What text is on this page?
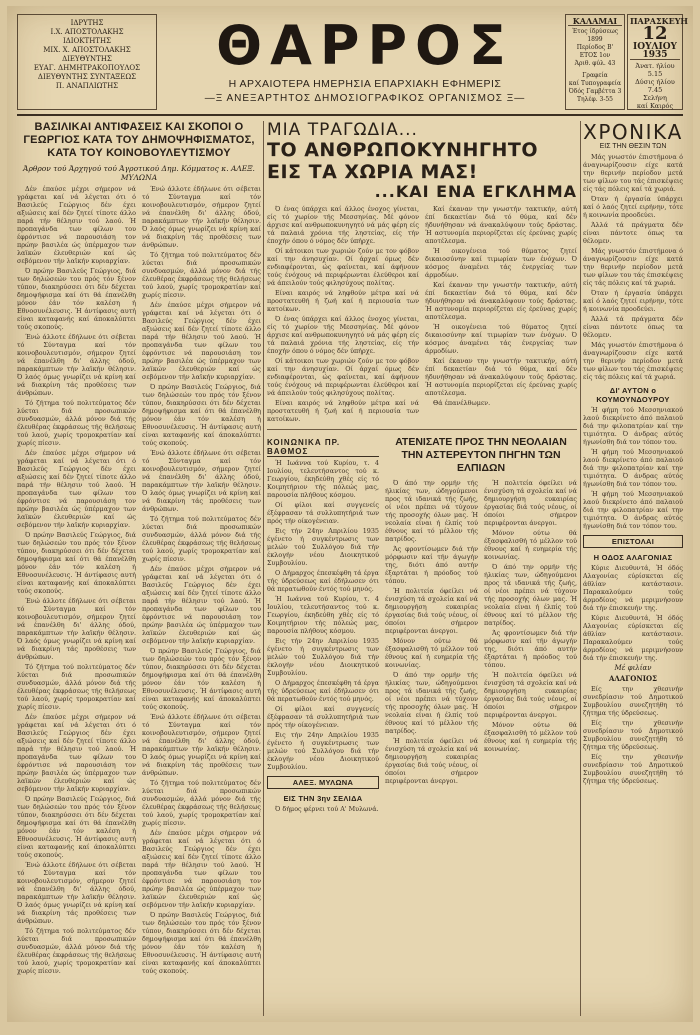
ΙΔΡΥΤΗΣ
Ι.Χ. ΑΠΟΣΤΟΛΑΚΗΣ
ΙΔΙΟΚΤΗΤΗΣ
ΜΙΧ. Χ. ΑΠΟΣΤΟΛΑΚΗΣ
ΔΙΕΥΘΥΝΤΗΣ
ΕΥΑΓ. ΔΗΜΗΤΡΑΚΟΠΟΥΛΟΣ
ΔΙΕΥΘΥΝΤΗΣ ΣΥΝΤΑΞΕΩΣ
Π. ΑΝΑΠΛΙΩΤΗΣ
ΘΑΡΡΟΣ
Η ΑΡΧΑΙΟΤΕΡΑ ΗΜΕΡΗΣΙΑ ΕΠΑΡΧΙΑΚΗ ΕΦΗΜΕΡΙΣ
—Ξ ΑΝΕΞΑΡΤΗΤΟΣ ΔΗΜΟΣΙΟΓΡΑΦΙΚΟΣ ΟΡΓΑΝΙΣΜΟΣ Ξ—
ΚΑΛΑΜΑΙ
Έτος ίδρύσεως 1899
Περίοδος Β'
ΕΤΟΣ 1ον
Άριθ. φύλ. 43
Γραφεία
καί Τυπογραφεία
Όδός Γαμβέττα 3
Τηλέφ. 3-55
ΠΑΡΑΣΚΕΥΗ
12
ΙΟΥΛΙΟΥ
1935
Άνατ. ήλίου 5.15
Δύσις ήλίου 7.45
Σελήνη
καί Καιρός
ΒΑΣΙΛΙΚΑΙ ΑΝΤΙΦΑΣΕΙΣ ΚΑΙ ΣΚΟΠΟΙ Ο ΓΕΩΡΓΙΟΣ ΚΑΤΑ ΤΟΥ ΔΗΜΟΨΗΦΙΣΜΑΤΟΣ, ΚΑΤΑ ΤΟΥ ΚΟΙΝΟΒΟΥΛΕΥΤΙΣΜΟΥ
Άρθρον τού Άρχηγού τού Άγροτικού Δημ. Κόμματος κ. ΑΛΕΞ. ΜΥΛΩΝΑ

Δέν έπαύσε μέχρι σήμερον νά γράφεται καί νά λέγεται ότι ό Βασιλεύς Γεώργιος δέν έχει αξιώσεις καί δέν ζητεί τίποτε άλλο παρά τήν θέλησιν τού λαού. Ή προπαγάνδα των φίλων του έφρόντισε νά παρουσιάση τον πρώην βασιλέα ώς ύπέρμαχον των λαϊκών έλευθεριών καί ώς σεβόμενον τήν λαϊκήν κυριαρχίαν.

Ό πρώην Βασιλεύς Γεώργιος, διά των δηλώσεών του πρός τόν ξένον τύπον, διακηρύσσει ότι δέν δέχεται δημοψήφισμα καί ότι θά έπανέλθη μόνον έάν τόν καλέση ή Εθνοσυνέλευσις. Ή άντίφασις αυτή είναι καταφανής καί άποκαλύπτει τούς σκοπούς.

Ένώ άλλοτε έδήλωνε ότι σέβεται τό Σύνταγμα καί τόν κοινοβουλευτισμόν, σήμερον ζητεί νά έπανέλθη δι' άλλης όδού, παρακάμπτων τήν λαϊκήν θέλησιν. Ό λαός όμως γνωρίζει νά κρίνη καί νά διακρίνη τάς προθέσεις των άνθρώπων.

Τό ζήτημα τού πολιτεύματος δέν λύεται διά προσωπικών συνδυασμών, άλλά μόνον διά τής έλευθέρας έκφράσεως τής θελήσεως τού λαού, χωρίς τρομοκρατίαν καί χωρίς πίεσιν.

Δέν έπαύσε μέχρι σήμερον νά γράφεται καί νά λέγεται ότι ό Βασιλεύς Γεώργιος δέν έχει αξιώσεις καί δέν ζητεί τίποτε άλλο παρά τήν θέλησιν τού λαού. Ή προπαγάνδα των φίλων του έφρόντισε νά παρουσιάση τον πρώην βασιλέα ώς ύπέρμαχον των λαϊκών έλευθεριών καί ώς σεβόμενον τήν λαϊκήν κυριαρχίαν.

Ό πρώην Βασιλεύς Γεώργιος, διά των δηλώσεών του πρός τόν ξένον τύπον, διακηρύσσει ότι δέν δέχεται δημοψήφισμα καί ότι θά έπανέλθη μόνον έάν τόν καλέση ή Εθνοσυνέλευσις. Ή άντίφασις αυτή είναι καταφανής καί άποκαλύπτει τούς σκοπούς.

Ένώ άλλοτε έδήλωνε ότι σέβεται τό Σύνταγμα καί τόν κοινοβουλευτισμόν, σήμερον ζητεί νά έπανέλθη δι' άλλης όδού, παρακάμπτων τήν λαϊκήν θέλησιν. Ό λαός όμως γνωρίζει νά κρίνη καί νά διακρίνη τάς προθέσεις των άνθρώπων.

Τό ζήτημα τού πολιτεύματος δέν λύεται διά προσωπικών συνδυασμών, άλλά μόνον διά τής έλευθέρας έκφράσεως τής θελήσεως τού λαού, χωρίς τρομοκρατίαν καί χωρίς πίεσιν.

Δέν έπαύσε μέχρι σήμερον νά γράφεται καί νά λέγεται ότι ό Βασιλεύς Γεώργιος δέν έχει αξιώσεις καί δέν ζητεί τίποτε άλλο παρά τήν θέλησιν τού λαού. Ή προπαγάνδα των φίλων του έφρόντισε νά παρουσιάση τον πρώην βασιλέα ώς ύπέρμαχον των λαϊκών έλευθεριών καί ώς σεβόμενον τήν λαϊκήν κυριαρχίαν.

Ό πρώην Βασιλεύς Γεώργιος, διά των δηλώσεών του πρός τόν ξένον τύπον, διακηρύσσει ότι δέν δέχεται δημοψήφισμα καί ότι θά έπανέλθη μόνον έάν τόν καλέση ή Εθνοσυνέλευσις. Ή άντίφασις αυτή είναι καταφανής καί άποκαλύπτει τούς σκοπούς.

Ένώ άλλοτε έδήλωνε ότι σέβεται τό Σύνταγμα καί τόν κοινοβουλευτισμόν, σήμερον ζητεί νά έπανέλθη δι' άλλης όδού, παρακάμπτων τήν λαϊκήν θέλησιν. Ό λαός όμως γνωρίζει νά κρίνη καί νά διακρίνη τάς προθέσεις των άνθρώπων.

Τό ζήτημα τού πολιτεύματος δέν λύεται διά προσωπικών συνδυασμών, άλλά μόνον διά τής έλευθέρας έκφράσεως τής θελήσεως τού λαού, χωρίς τρομοκρατίαν καί χωρίς πίεσιν.

Ένώ άλλοτε έδήλωνε ότι σέβεται τό Σύνταγμα καί τόν κοινοβουλευτισμόν, σήμερον ζητεί νά έπανέλθη δι' άλλης όδού, παρακάμπτων τήν λαϊκήν θέλησιν. Ό λαός όμως γνωρίζει νά κρίνη καί νά διακρίνη τάς προθέσεις των άνθρώπων.

Τό ζήτημα τού πολιτεύματος δέν λύεται διά προσωπικών συνδυασμών, άλλά μόνον διά τής έλευθέρας έκφράσεως τής θελήσεως τού λαού, χωρίς τρομοκρατίαν καί χωρίς πίεσιν.

Δέν έπαύσε μέχρι σήμερον νά γράφεται καί νά λέγεται ότι ό Βασιλεύς Γεώργιος δέν έχει αξιώσεις καί δέν ζητεί τίποτε άλλο παρά τήν θέλησιν τού λαού. Ή προπαγάνδα των φίλων του έφρόντισε νά παρουσιάση τον πρώην βασιλέα ώς ύπέρμαχον των λαϊκών έλευθεριών καί ώς σεβόμενον τήν λαϊκήν κυριαρχίαν.

Ό πρώην Βασιλεύς Γεώργιος, διά των δηλώσεών του πρός τόν ξένον τύπον, διακηρύσσει ότι δέν δέχεται δημοψήφισμα καί ότι θά έπανέλθη μόνον έάν τόν καλέση ή Εθνοσυνέλευσις. Ή άντίφασις αυτή είναι καταφανής καί άποκαλύπτει τούς σκοπούς.

Ένώ άλλοτε έδήλωνε ότι σέβεται τό Σύνταγμα καί τόν κοινοβουλευτισμόν, σήμερον ζητεί νά έπανέλθη δι' άλλης όδού, παρακάμπτων τήν λαϊκήν θέλησιν. Ό λαός όμως γνωρίζει νά κρίνη καί νά διακρίνη τάς προθέσεις των άνθρώπων.

Τό ζήτημα τού πολιτεύματος δέν λύεται διά προσωπικών συνδυασμών, άλλά μόνον διά τής έλευθέρας έκφράσεως τής θελήσεως τού λαού, χωρίς τρομοκρατίαν καί χωρίς πίεσιν.

Δέν έπαύσε μέχρι σήμερον νά γράφεται καί νά λέγεται ότι ό Βασιλεύς Γεώργιος δέν έχει αξιώσεις καί δέν ζητεί τίποτε άλλο παρά τήν θέλησιν τού λαού. Ή προπαγάνδα των φίλων του έφρόντισε νά παρουσιάση τον πρώην βασιλέα ώς ύπέρμαχον των λαϊκών έλευθεριών καί ώς σεβόμενον τήν λαϊκήν κυριαρχίαν.

Ό πρώην Βασιλεύς Γεώργιος, διά των δηλώσεών του πρός τόν ξένον τύπον, διακηρύσσει ότι δέν δέχεται δημοψήφισμα καί ότι θά έπανέλθη μόνον έάν τόν καλέση ή Εθνοσυνέλευσις. Ή άντίφασις αυτή είναι καταφανής καί άποκαλύπτει τούς σκοπούς.

Ένώ άλλοτε έδήλωνε ότι σέβεται τό Σύνταγμα καί τόν κοινοβουλευτισμόν, σήμερον ζητεί νά έπανέλθη δι' άλλης όδού, παρακάμπτων τήν λαϊκήν θέλησιν. Ό λαός όμως γνωρίζει νά κρίνη καί νά διακρίνη τάς προθέσεις των άνθρώπων.

Τό ζήτημα τού πολιτεύματος δέν λύεται διά προσωπικών συνδυασμών, άλλά μόνον διά τής έλευθέρας έκφράσεως τής θελήσεως τού λαού, χωρίς τρομοκρατίαν καί χωρίς πίεσιν.

Δέν έπαύσε μέχρι σήμερον νά γράφεται καί νά λέγεται ότι ό Βασιλεύς Γεώργιος δέν έχει αξιώσεις καί δέν ζητεί τίποτε άλλο παρά τήν θέλησιν τού λαού. Ή προπαγάνδα των φίλων του έφρόντισε νά παρουσιάση τον πρώην βασιλέα ώς ύπέρμαχον των λαϊκών έλευθεριών καί ώς σεβόμενον τήν λαϊκήν κυριαρχίαν.

Ό πρώην Βασιλεύς Γεώργιος, διά των δηλώσεών του πρός τόν ξένον τύπον, διακηρύσσει ότι δέν δέχεται δημοψήφισμα καί ότι θά έπανέλθη μόνον έάν τόν καλέση ή Εθνοσυνέλευσις. Ή άντίφασις αυτή είναι καταφανής καί άποκαλύπτει τούς σκοπούς.

ΜΙΑ ΤΡΑΓΩΔΙΑ...
ΤΟ ΑΝΘΡΩΠΟΚΥΝΗΓΗΤΟ ΕΙΣ ΤΑ ΧΩΡΙΑ ΜΑΣ!
...ΚΑΙ ΕΝΑ ΕΓΚΛΗΜΑ

Ό ένας ύπάρχει καί άλλος ένοχος γίνεται, είς τό χωρίον τής Μεσσηνίας. Μέ φόνον άρχισε καί ανθρωποκυνηγητό νά μάς φέρη είς τά παλαιά χρόνια τής ληστείας, είς τήν έποχήν όπου ό νόμος δέν ύπήρχε.

Οί κάτοικοι των χωριών ζούν με τον φόβον καί την άνησυχίαν. Οί άρχαί όμως δέν ενδιαφέρονται, ώς φαίνεται, καί άφήνουν τούς ένόχους νά περιφέρωνται έλεύθεροι καί νά άπειλούν τούς φιλησύχους πολίτας.

Είναι καιρός νά ληφθούν μέτρα καί νά προστατευθή ή ζωή καί ή περιουσία των κατοίκων.

Ό ένας ύπάρχει καί άλλος ένοχος γίνεται, είς τό χωρίον τής Μεσσηνίας. Μέ φόνον άρχισε καί ανθρωποκυνηγητό νά μάς φέρη είς τά παλαιά χρόνια τής ληστείας, είς τήν έποχήν όπου ό νόμος δέν ύπήρχε.

Οί κάτοικοι των χωριών ζούν με τον φόβον καί την άνησυχίαν. Οί άρχαί όμως δέν ενδιαφέρονται, ώς φαίνεται, καί άφήνουν τούς ένόχους νά περιφέρωνται έλεύθεροι καί νά άπειλούν τούς φιλησύχους πολίτας.

Είναι καιρός νά ληφθούν μέτρα καί νά προστατευθή ή ζωή καί ή περιουσία των κατοίκων.

Καί έκαναν την γνωστήν τακτικήν, αύτή έπί δεκαετίαν διά τό θύμα, καί δέν ήδυνήθησαν νά άνακαλύψουν τούς δράστας. Ή αστυνομία περιορίζεται είς έρεύνας χωρίς αποτέλεσμα.

Ή οικογένεια τού θύματος ζητεί δικαιοσύνην καί τιμωρίαν των ένόχων. Ό κόσμος άναμένει τάς ένεργείας των άρμοδίων.

Καί έκαναν την γνωστήν τακτικήν, αύτή έπί δεκαετίαν διά τό θύμα, καί δέν ήδυνήθησαν νά άνακαλύψουν τούς δράστας. Ή αστυνομία περιορίζεται είς έρεύνας χωρίς αποτέλεσμα.

Ή οικογένεια τού θύματος ζητεί δικαιοσύνην καί τιμωρίαν των ένόχων. Ό κόσμος άναμένει τάς ένεργείας των άρμοδίων.

Καί έκαναν την γνωστήν τακτικήν, αύτή έπί δεκαετίαν διά τό θύμα, καί δέν ήδυνήθησαν νά άνακαλύψουν τούς δράστας. Ή αστυνομία περιορίζεται είς έρεύνας χωρίς αποτέλεσμα.

Θά έπανέλθωμεν.

ΚΟΙΝΩΝΙΚΑ ΠΡ. ΒΑΘΜΟΣ

Ή Ιωάννα τού Κυρίου, τ. 4 Ιουλίου, τελευτήσαντος τού κ. Γεωργίου, έκηδεύθη χθές είς τό Κοιμητήριον τής πόλεώς μας, παρουσία πλήθους κόσμου.

Οί φίλοι καί συγγενείς έξέφρασαν τά συλλυπητήριά των πρός τήν οίκογένειαν.

Εις τήν 24ην Απριλίου 1935 έγένετο ή συγκέντρωσις των μελών τού Συλλόγου διά τήν έκλογήν νέου Διοικητικού Συμβουλίου.

Ο Δήμαρχος έπεσκέφθη τά έργα τής ύδρεύσεως καί έδήλωσεν ότι θά περατωθούν έντός τού μηνός.

Ή Ιωάννα τού Κυρίου, τ. 4 Ιουλίου, τελευτήσαντος τού κ. Γεωργίου, έκηδεύθη χθές είς τό Κοιμητήριον τής πόλεώς μας, παρουσία πλήθους κόσμου.

Εις τήν 24ην Απριλίου 1935 έγένετο ή συγκέντρωσις των μελών τού Συλλόγου διά τήν έκλογήν νέου Διοικητικού Συμβουλίου.

Ο Δήμαρχος έπεσκέφθη τά έργα τής ύδρεύσεως καί έδήλωσεν ότι θά περατωθούν έντός τού μηνός.

Οί φίλοι καί συγγενείς έξέφρασαν τά συλλυπητήριά των πρός τήν οίκογένειαν.

Εις τήν 24ην Απριλίου 1935 έγένετο ή συγκέντρωσις των μελών τού Συλλόγου διά τήν έκλογήν νέου Διοικητικού Συμβουλίου.

ΑΛΕΞ. ΜΥΛΩΝΑ
ΕΙΣ ΤΗΝ 3ην ΣΕΛΙΔΑ

Ό δήμος φέρνει τού Α' Μυλωνά.

ΑΤΕΝΙΣΑΤΕ ΠΡΟΣ ΤΗΝ ΝΕΟΛΑΙΑΝ ΤΗΝ ΑΣΤΕΡΕΥΤΟΝ ΠΗΓΗΝ ΤΩΝ ΕΛΠΙΔΩΝ

Ό άπό την ορμήν τής ήλικίας των, ώδηγούμενοι προς τά ιδανικά τής ζωής, οί νέοι πρέπει νά τύχουν τής προσοχής όλων μας. Ή νεολαία είναι ή έλπίς τού έθνους καί τό μέλλον τής πατρίδος.

Άς φροντίσωμεν διά τήν μόρφωσιν καί τήν άγωγήν της, διότι άπό αυτήν έξαρτάται ή πρόοδος τού τόπου.

Ή πολιτεία όφείλει νά ένισχύση τά σχολεία καί νά δημιουργήση ευκαιρίας έργασίας διά τούς νέους, οί όποίοι σήμερον περιφέρονται άνεργοι.

Μόνον ούτω θά έξασφαλισθή τό μέλλον τού έθνους καί ή ευημερία τής κοινωνίας.

Ό άπό την ορμήν τής ήλικίας των, ώδηγούμενοι προς τά ιδανικά τής ζωής, οί νέοι πρέπει νά τύχουν τής προσοχής όλων μας. Ή νεολαία είναι ή έλπίς τού έθνους καί τό μέλλον τής πατρίδος.

Ή πολιτεία όφείλει νά ένισχύση τά σχολεία καί νά δημιουργήση ευκαιρίας έργασίας διά τούς νέους, οί όποίοι σήμερον περιφέρονται άνεργοι.

Ή πολιτεία όφείλει νά ένισχύση τά σχολεία καί νά δημιουργήση ευκαιρίας έργασίας διά τούς νέους, οί όποίοι σήμερον περιφέρονται άνεργοι.

Μόνον ούτω θά έξασφαλισθή τό μέλλον τού έθνους καί ή ευημερία τής κοινωνίας.

Ό άπό την ορμήν τής ήλικίας των, ώδηγούμενοι προς τά ιδανικά τής ζωής, οί νέοι πρέπει νά τύχουν τής προσοχής όλων μας. Ή νεολαία είναι ή έλπίς τού έθνους καί τό μέλλον τής πατρίδος.

Άς φροντίσωμεν διά τήν μόρφωσιν καί τήν άγωγήν της, διότι άπό αυτήν έξαρτάται ή πρόοδος τού τόπου.

Ή πολιτεία όφείλει νά ένισχύση τά σχολεία καί νά δημιουργήση ευκαιρίας έργασίας διά τούς νέους, οί όποίοι σήμερον περιφέρονται άνεργοι.

Μόνον ούτω θά έξασφαλισθή τό μέλλον τού έθνους καί ή ευημερία τής κοινωνίας.

ΧΡΟΝΙΚΑ
ΕΙΣ ΤΗΝ ΘΕΣΙΝ ΤΩΝ

Μάς γνωστόν έπιστήμονα ό άναγνωρίζουσιν είχε κατά την θερινήν περίοδον μετά των φίλων του τάς έπισκέψεις είς τάς πόλεις καί τά χωριά.

Όταν ή έργασία ύπάρχει καί ό λαός ζητεί ειρήνην, τότε ή κοινωνία προοδεύει.

Άλλά τά πράγματα δέν είναι πάντοτε όπως τα θέλομεν.

Μάς γνωστόν έπιστήμονα ό άναγνωρίζουσιν είχε κατά την θερινήν περίοδον μετά των φίλων του τάς έπισκέψεις είς τάς πόλεις καί τά χωριά.

Όταν ή έργασία ύπάρχει καί ό λαός ζητεί ειρήνην, τότε ή κοινωνία προοδεύει.

Άλλά τά πράγματα δέν είναι πάντοτε όπως τα θέλομεν.

Μάς γνωστόν έπιστήμονα ό άναγνωρίζουσιν είχε κατά την θερινήν περίοδον μετά των φίλων του τάς έπισκέψεις είς τάς πόλεις καί τά χωριά.

ΔΙ' ΑΥΤΟΝ ο ΚΟΥΜΟΥΝΔΟΥΡΟΥ

Ή φήμη τού Μεσσηνιακού λαού διεκρίνετο άπό παλαιού διά την φιλοπατρίαν καί την τιμιότητα. Ό άνδρας αύτός ήγωνίσθη διά τον τόπον του.

Ή φήμη τού Μεσσηνιακού λαού διεκρίνετο άπό παλαιού διά την φιλοπατρίαν καί την τιμιότητα. Ό άνδρας αύτός ήγωνίσθη διά τον τόπον του.

Ή φήμη τού Μεσσηνιακού λαού διεκρίνετο άπό παλαιού διά την φιλοπατρίαν καί την τιμιότητα. Ό άνδρας αύτός ήγωνίσθη διά τον τόπον του.

ΕΠΙΣΤΟΛΑΙ
Η ΟΔΟΣ ΑΛΑΓΟΝΙΑΣ

Κύριε Διευθυντά, Ή όδός Αλαγονίας εύρίσκεται είς άθλίαν κατάστασιν. Παρακαλούμεν τούς άρμοδίους νά μεριμνήσουν διά τήν έπισκευήν της.

Κύριε Διευθυντά, Ή όδός Αλαγονίας εύρίσκεται είς άθλίαν κατάστασιν. Παρακαλούμεν τούς άρμοδίους νά μεριμνήσουν διά τήν έπισκευήν της.

Μέ φιλίαν
ΑΛΑΓΟΝΙΟΣ

Είς την χθεσινήν συνεδρίασιν τού Δημοτικού Συμβουλίου συνεζητήθη τό ζήτημα τής ύδρεύσεως.

Είς την χθεσινήν συνεδρίασιν τού Δημοτικού Συμβουλίου συνεζητήθη τό ζήτημα τής ύδρεύσεως.

Είς την χθεσινήν συνεδρίασιν τού Δημοτικού Συμβουλίου συνεζητήθη τό ζήτημα τής ύδρεύσεως.
